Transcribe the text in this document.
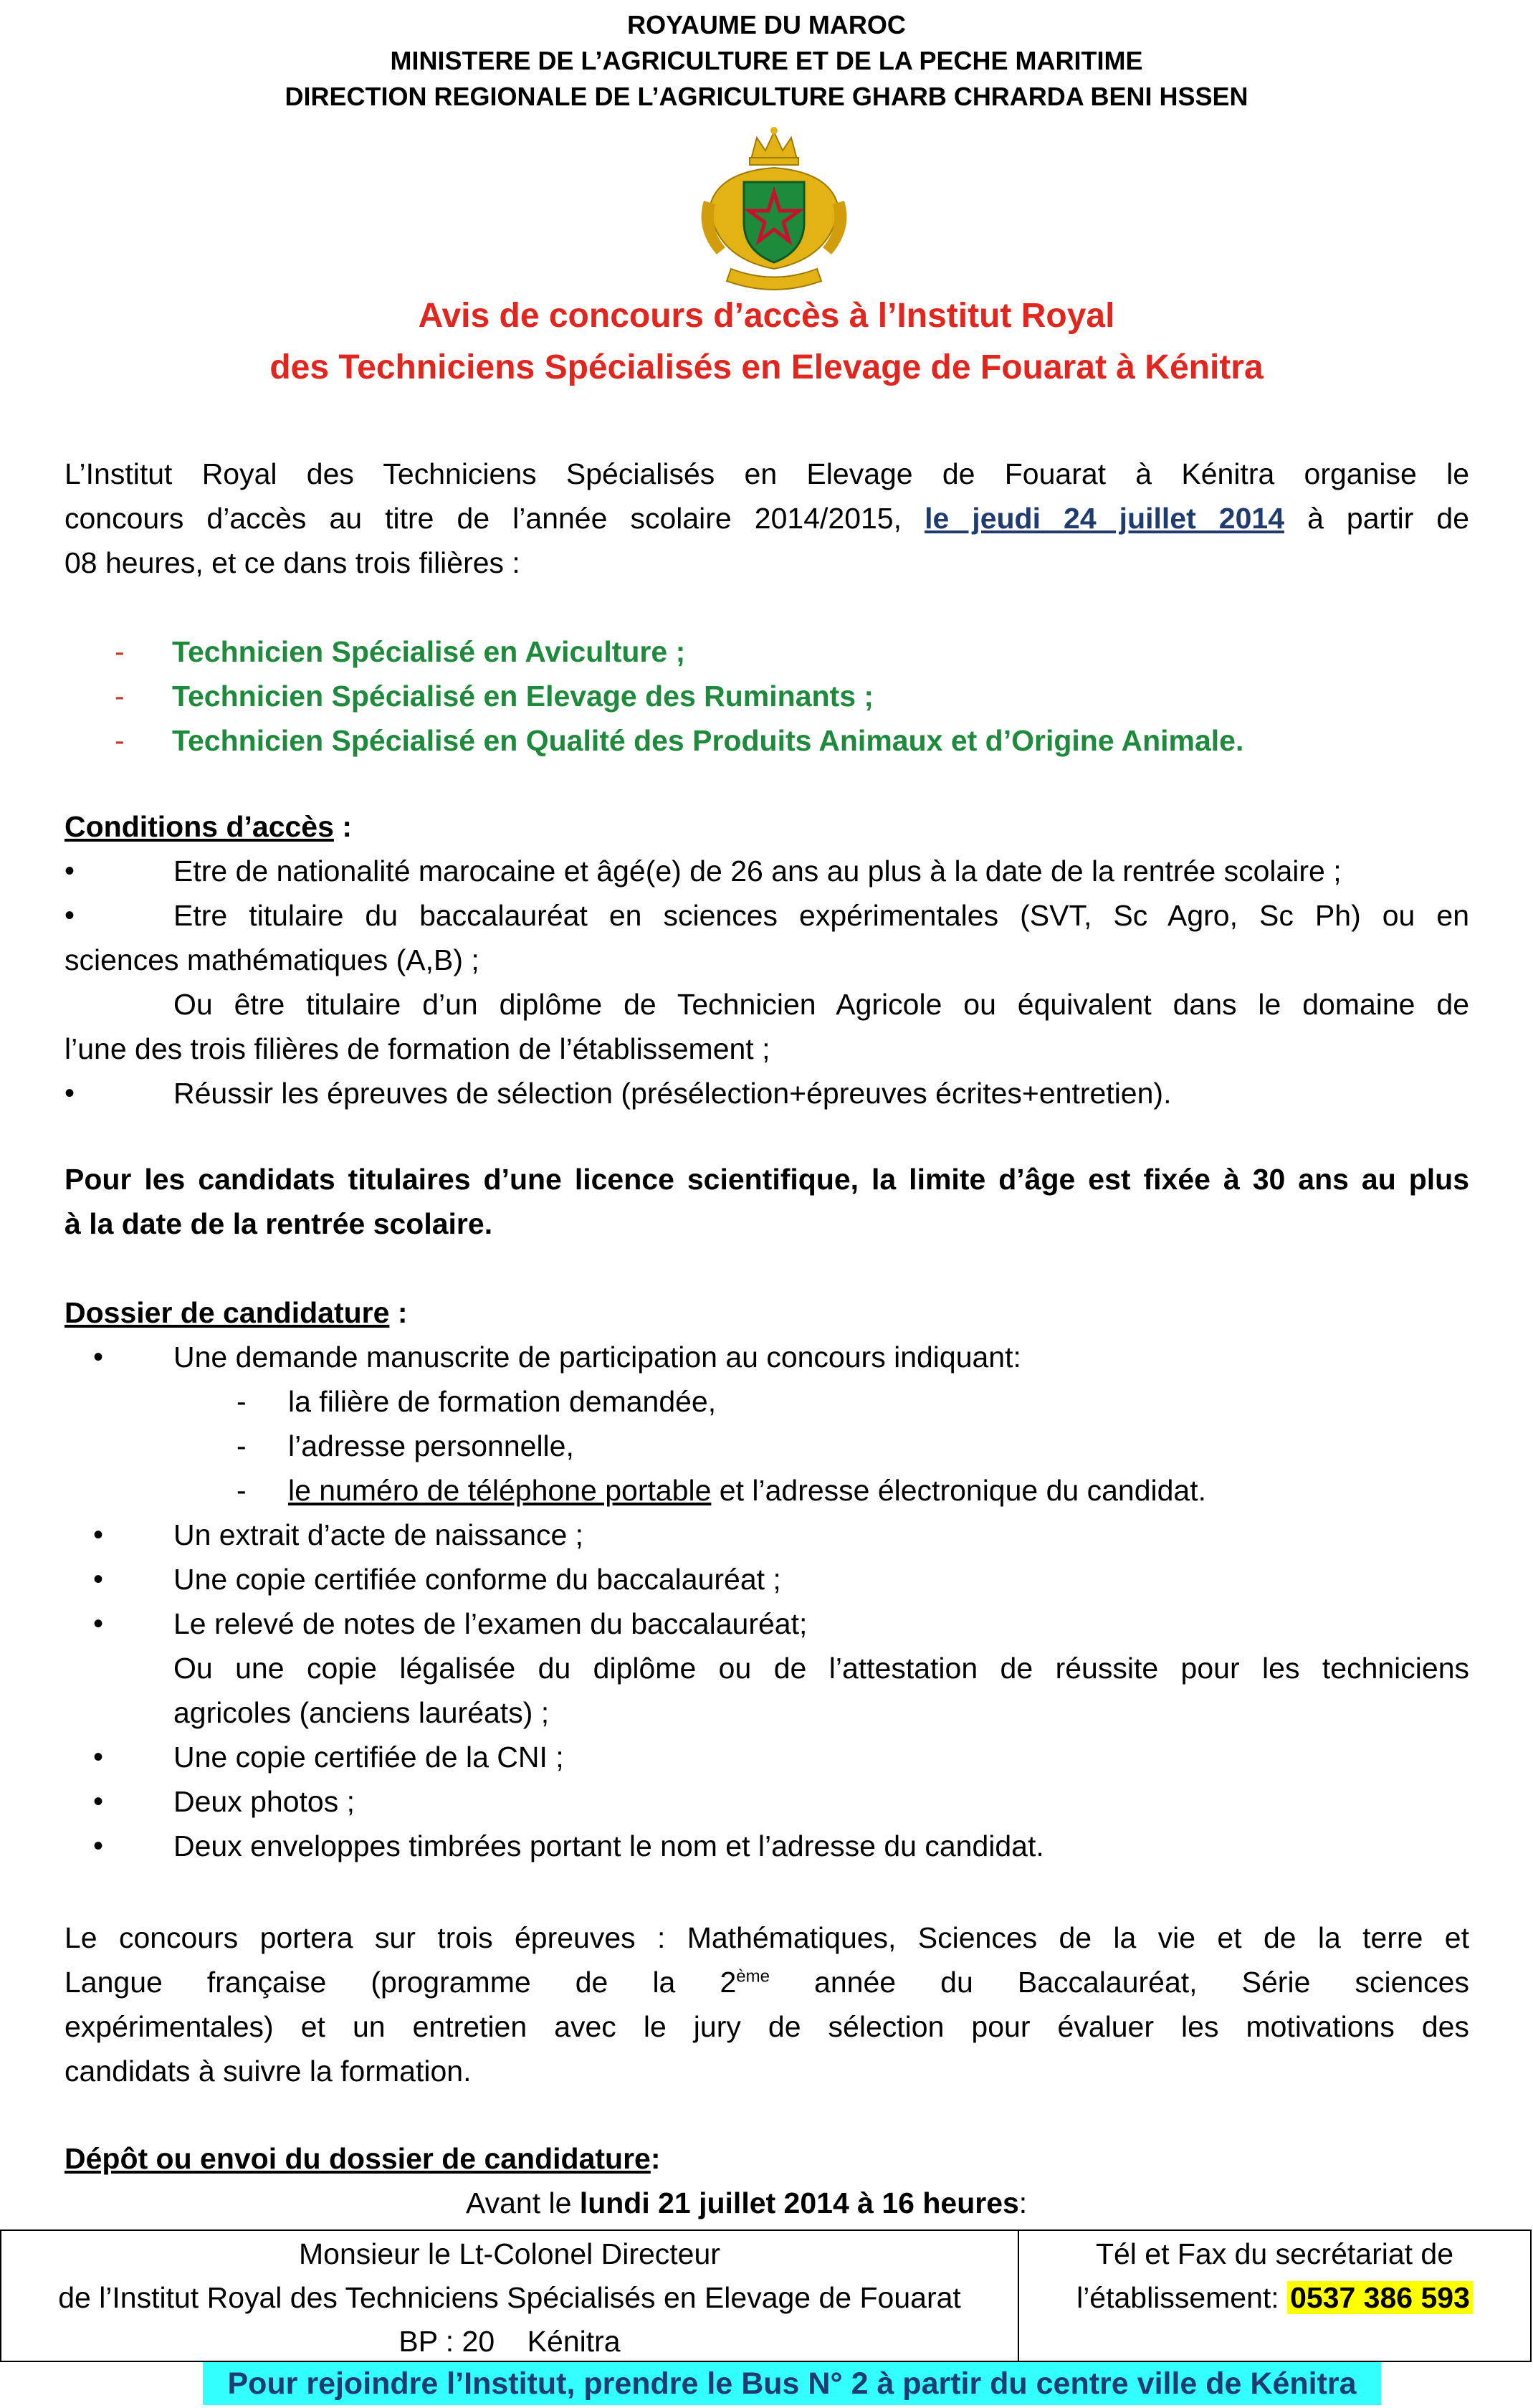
ROYAUME DU MAROC
MINISTERE DE L’AGRICULTURE ET DE LA PECHE MARITIME
DIRECTION REGIONALE DE L’AGRICULTURE GHARB CHRARDA BENI HSSEN
Avis de concours d’accès à l’Institut Royal
des Techniciens Spécialisés en Elevage de Fouarat à Kénitra
L’Institut Royal des Techniciens Spécialisés en Elevage de Fouarat à Kénitra organise le
concours d’accès au titre de l’année scolaire 2014/2015, le jeudi 24 juillet 2014 à partir de
08 heures, et ce dans trois filières :
- Technicien Spécialisé en Aviculture ;
- Technicien Spécialisé en Elevage des Ruminants ;
- Technicien Spécialisé en Qualité des Produits Animaux et d’Origine Animale.
Conditions d’accès :
•	Etre de nationalité marocaine et âgé(e) de 26 ans au plus à la date de la rentrée scolaire ;
•	Etre titulaire du baccalauréat en sciences expérimentales (SVT, Sc Agro, Sc Ph) ou en
sciences mathématiques (A,B) ;
Ou être titulaire d’un diplôme de Technicien Agricole ou équivalent dans le domaine de
l’une des trois filières de formation de l’établissement ;
•	Réussir les épreuves de sélection (présélection+épreuves écrites+entretien).
Pour les candidats titulaires d’une licence scientifique, la limite d’âge est fixée à 30 ans au plus
à la date de la rentrée scolaire.
Dossier de candidature :
• Une demande manuscrite de participation au concours indiquant:
- la filière de formation demandée,
- l’adresse personnelle,
- le numéro de téléphone portable et l’adresse électronique du candidat.
• Un extrait d’acte de naissance ;
• Une copie certifiée conforme du baccalauréat ;
• Le relevé de notes de l’examen du baccalauréat;
Ou une copie légalisée du diplôme ou de l’attestation de réussite pour les techniciens
agricoles (anciens lauréats) ;
• Une copie certifiée de la CNI ;
• Deux photos ;
• Deux enveloppes timbrées portant le nom et l’adresse du candidat.
Le concours portera sur trois épreuves : Mathématiques, Sciences de la vie et de la terre et
Langue française (programme de la 2ème année du Baccalauréat, Série sciences
expérimentales) et un entretien avec le jury de sélection pour évaluer les motivations des
candidats à suivre la formation.
Dépôt ou envoi du dossier de candidature:
Avant le lundi 21 juillet 2014 à 16 heures:
Monsieur le Lt-Colonel Directeur
de l’Institut Royal des Techniciens Spécialisés en Elevage de Fouarat
BP : 20    Kénitra
Tél et Fax du secrétariat de
l’établissement: 0537 386 593
Pour rejoindre l’Institut, prendre le Bus N° 2 à partir du centre ville de Kénitra
